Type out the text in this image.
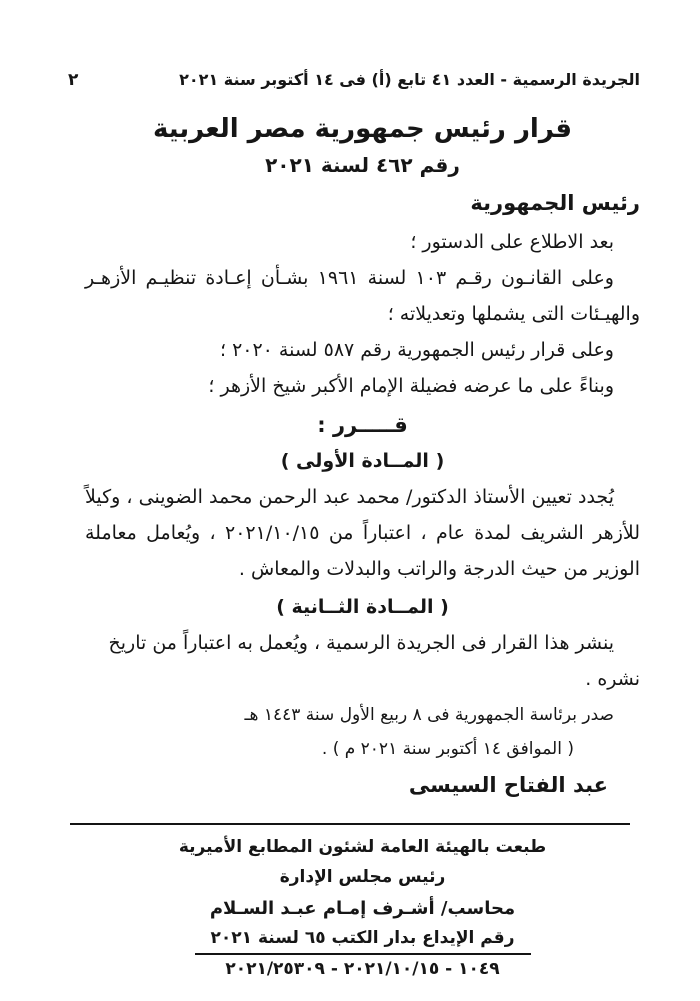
الجريدة الرسمية - العدد ٤١ تابع (أ) فى ١٤ أكتوبر سنة ٢٠٢١
٢
قرار رئيس جمهورية مصر العربية
رقم ٤٦٢ لسنة ٢٠٢١
رئيس الجمهورية

بعد الاطلاع على الدستور ؛

وعلى القانـون رقـم ١٠٣ لسنة ١٩٦١ بشـأن إعـادة تنظيـم الأزهـر والهيـئات التى يشملها وتعديلاته ؛

وعلى قرار رئيس الجمهورية رقم ٥٨٧ لسنة ٢٠٢٠ ؛

وبناءً على ما عرضه فضيلة الإمام الأكبر شيخ الأزهر ؛

قـــــرر :
( المــادة الأولى )

يُجدد تعيين الأستاذ الدكتور/ محمد عبد الرحمن محمد الضوينى ، وكيلاً للأزهر الشريف لمدة عام ، اعتباراً من ٢٠٢١/١٠/١٥ ، ويُعامل معاملة الوزير من حيث الدرجة والراتب والبدلات والمعاش .

( المــادة الثــانية )

ينشر هذا القرار فى الجريدة الرسمية ، ويُعمل به اعتباراً من تاريخ نشره .

صدر برئاسة الجمهورية فى ٨ ربيع الأول سنة ١٤٤٣ هـ

( الموافق ١٤ أكتوبر سنة ٢٠٢١ م ) .

عبد الفتاح السيسى
طبعت بالهيئة العامة لشئون المطابع الأميرية
رئيس مجلس الإدارة
محاسب/ أشـرف إمـام عبـد السـلام
رقم الإيداع بدار الكتب ٦٥ لسنة ٢٠٢١
١٠٤٩ - ٢٠٢١/١٠/١٥ - ٢٠٢١/٢٥٣٠٩
